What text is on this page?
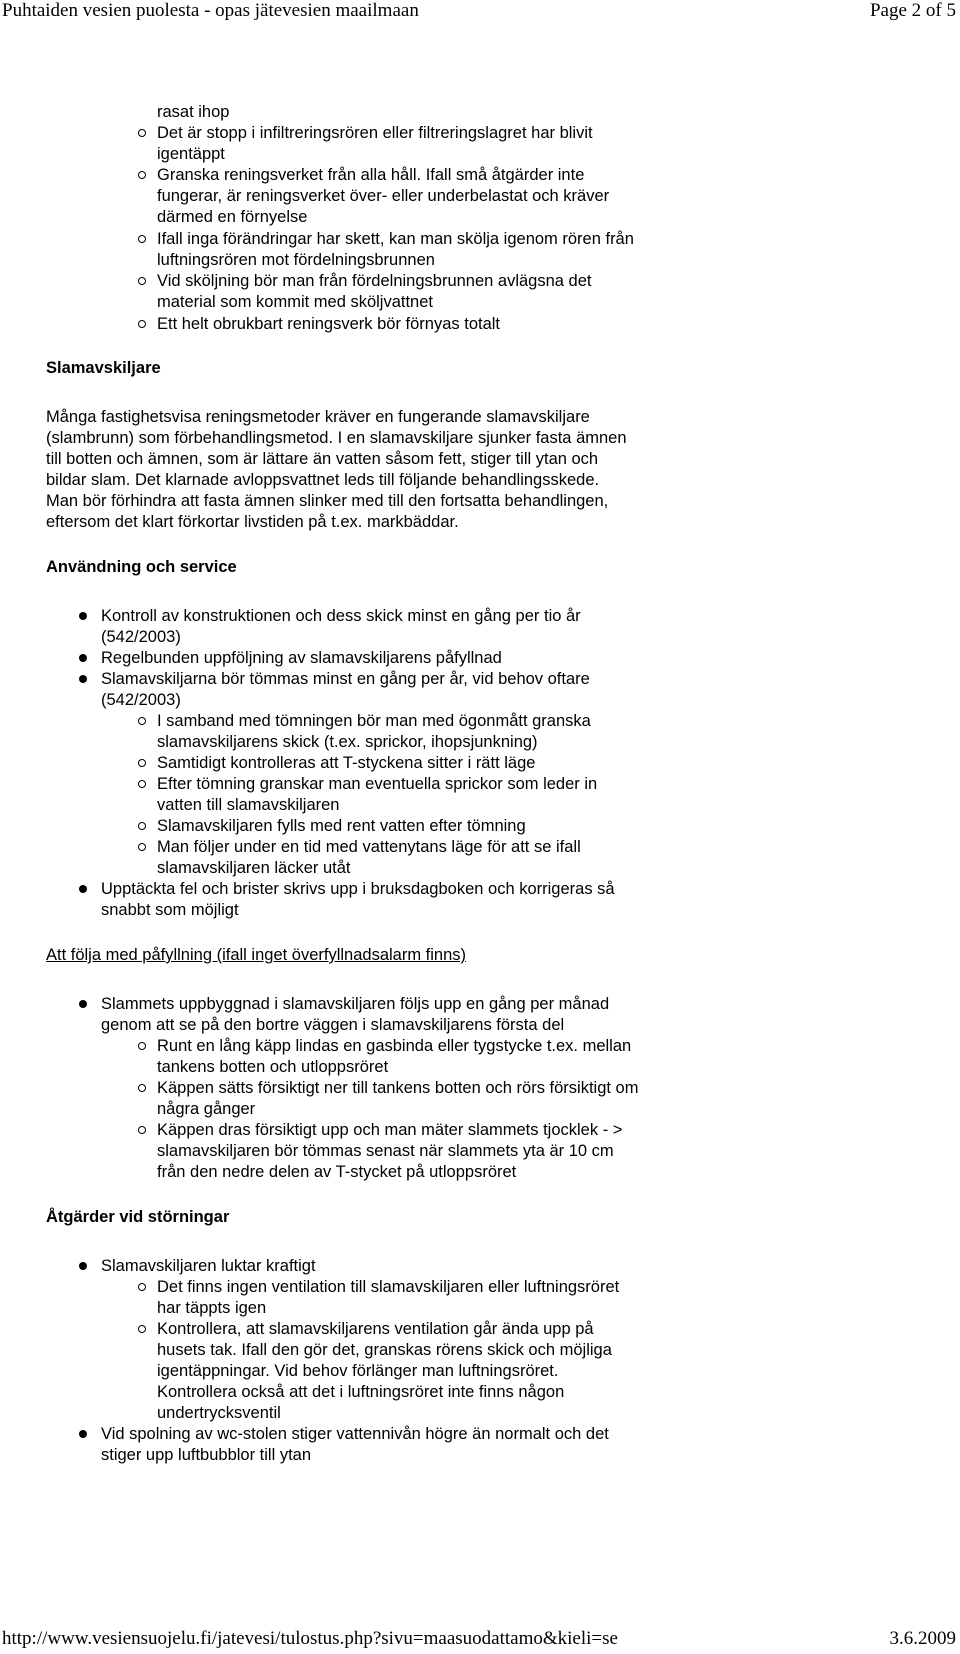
Puhtaiden vesien puolesta - opas jätevesien maailmaan	Page 2 of 5
rasat ihop
Det är stopp i infiltreringsrören eller filtreringslagret har blivit
igentäppt
Granska reningsverket från alla håll. Ifall små åtgärder inte
fungerar, är reningsverket över- eller underbelastat och kräver
därmed en förnyelse
Ifall inga förändringar har skett, kan man skölja igenom rören från
luftningsrören mot fördelningsbrunnen
Vid sköljning bör man från fördelningsbrunnen avlägsna det
material som kommit med sköljvattnet
Ett helt obrukbart reningsverk bör förnyas totalt
Slamavskiljare
Många fastighetsvisa reningsmetoder kräver en fungerande slamavskiljare
(slambrunn) som förbehandlingsmetod. I en slamavskiljare sjunker fasta ämnen
till botten och ämnen, som är lättare än vatten såsom fett, stiger till ytan och
bildar slam. Det klarnade avloppsvattnet leds till följande behandlingsskede.
Man bör förhindra att fasta ämnen slinker med till den fortsatta behandlingen,
eftersom det klart förkortar livstiden på t.ex. markbäddar.
Användning och service
Kontroll av konstruktionen och dess skick minst en gång per tio år
(542/2003)
Regelbunden uppföljning av slamavskiljarens påfyllnad
Slamavskiljarna bör tömmas minst en gång per år, vid behov oftare
(542/2003)
I samband med tömningen bör man med ögonmått granska
slamavskiljarens skick (t.ex. sprickor, ihopsjunkning)
Samtidigt kontrolleras att T-styckena sitter i rätt läge
Efter tömning granskar man eventuella sprickor som leder in
vatten till slamavskiljaren
Slamavskiljaren fylls med rent vatten efter tömning
Man följer under en tid med vattenytans läge för att se ifall
slamavskiljaren läcker utåt
Upptäckta fel och brister skrivs upp i bruksdagboken och korrigeras så
snabbt som möjligt
Att följa med påfyllning (ifall inget överfyllnadsalarm finns)
Slammets uppbyggnad i slamavskiljaren följs upp en gång per månad
genom att se på den bortre väggen i slamavskiljarens första del
Runt en lång käpp lindas en gasbinda eller tygstycke t.ex. mellan
tankens botten och utloppsröret
Käppen sätts försiktigt ner till tankens botten och rörs försiktigt om
några gånger
Käppen dras försiktigt upp och man mäter slammets tjocklek - >
slamavskiljaren bör tömmas senast när slammets yta är 10 cm
från den nedre delen av T-stycket på utloppsröret
Åtgärder vid störningar
Slamavskiljaren luktar kraftigt
Det finns ingen ventilation till slamavskiljaren eller luftningsröret
har täppts igen
Kontrollera, att slamavskiljarens ventilation går ända upp på
husets tak. Ifall den gör det, granskas rörens skick och möjliga
igentäppningar. Vid behov förlänger man luftningsröret.
Kontrollera också att det i luftningsröret inte finns någon
undertrycksventil
Vid spolning av wc-stolen stiger vattennivån högre än normalt och det
stiger upp luftbubblor till ytan
http://www.vesiensuojelu.fi/jatevesi/tulostus.php?sivu=maasuodattamo&kieli=se	3.6.2009
